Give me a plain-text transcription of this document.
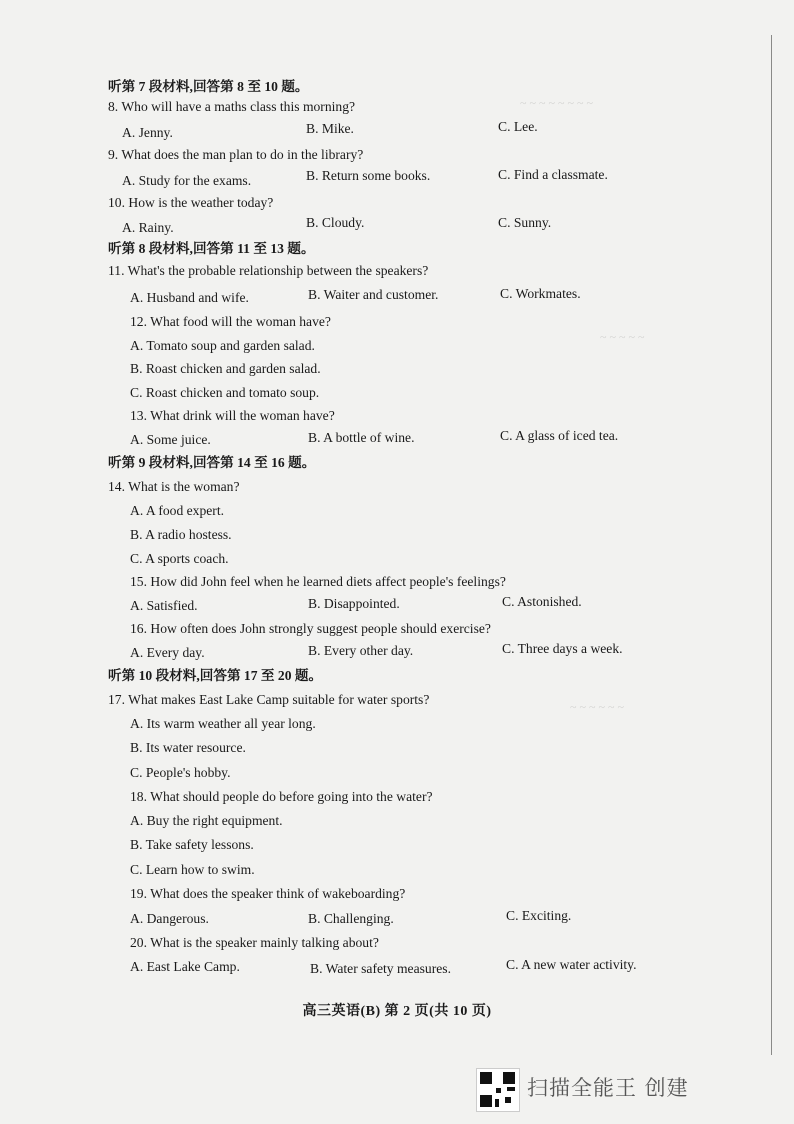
~ ~ ~ ~ ~ ~ ~ ~
~ ~ ~ ~ ~
~ ~ ~ ~ ~ ~
听第 7 段材料,回答第 8 至 10 题。
8. Who will have a maths class this morning?
A. Jenny.	B. Mike.	C. Lee.
9. What does the man plan to do in the library?
A. Study for the exams.	B. Return some books.	C. Find a classmate.
10. How is the weather today?
A. Rainy.	B. Cloudy.	C. Sunny.
听第 8 段材料,回答第 11 至 13 题。
11. What's the probable relationship between the speakers?
A. Husband and wife.	B. Waiter and customer.	C. Workmates.
12. What food will the woman have?
A. Tomato soup and garden salad.
B. Roast chicken and garden salad.
C. Roast chicken and tomato soup.
13. What drink will the woman have?
A. Some juice.	B. A bottle of wine.	C. A glass of iced tea.
听第 9 段材料,回答第 14 至 16 题。
14. What is the woman?
A. A food expert.
B. A radio hostess.
C. A sports coach.
15. How did John feel when he learned diets affect people's feelings?
A. Satisfied.	B. Disappointed.	C. Astonished.
16. How often does John strongly suggest people should exercise?
A. Every day.	B. Every other day.	C. Three days a week.
听第 10 段材料,回答第 17 至 20 题。
17. What makes East Lake Camp suitable for water sports?
A. Its warm weather all year long.
B. Its water resource.
C. People's hobby.
18. What should people do before going into the water?
A. Buy the right equipment.
B. Take safety lessons.
C. Learn how to swim.
19. What does the speaker think of wakeboarding?
A. Dangerous.	B. Challenging.	C. Exciting.
20. What is the speaker mainly talking about?
A. East Lake Camp.	B. Water safety measures.	C. A new water activity.
高三英语(B) 第 2 页(共 10 页)
扫描全能王 创建
